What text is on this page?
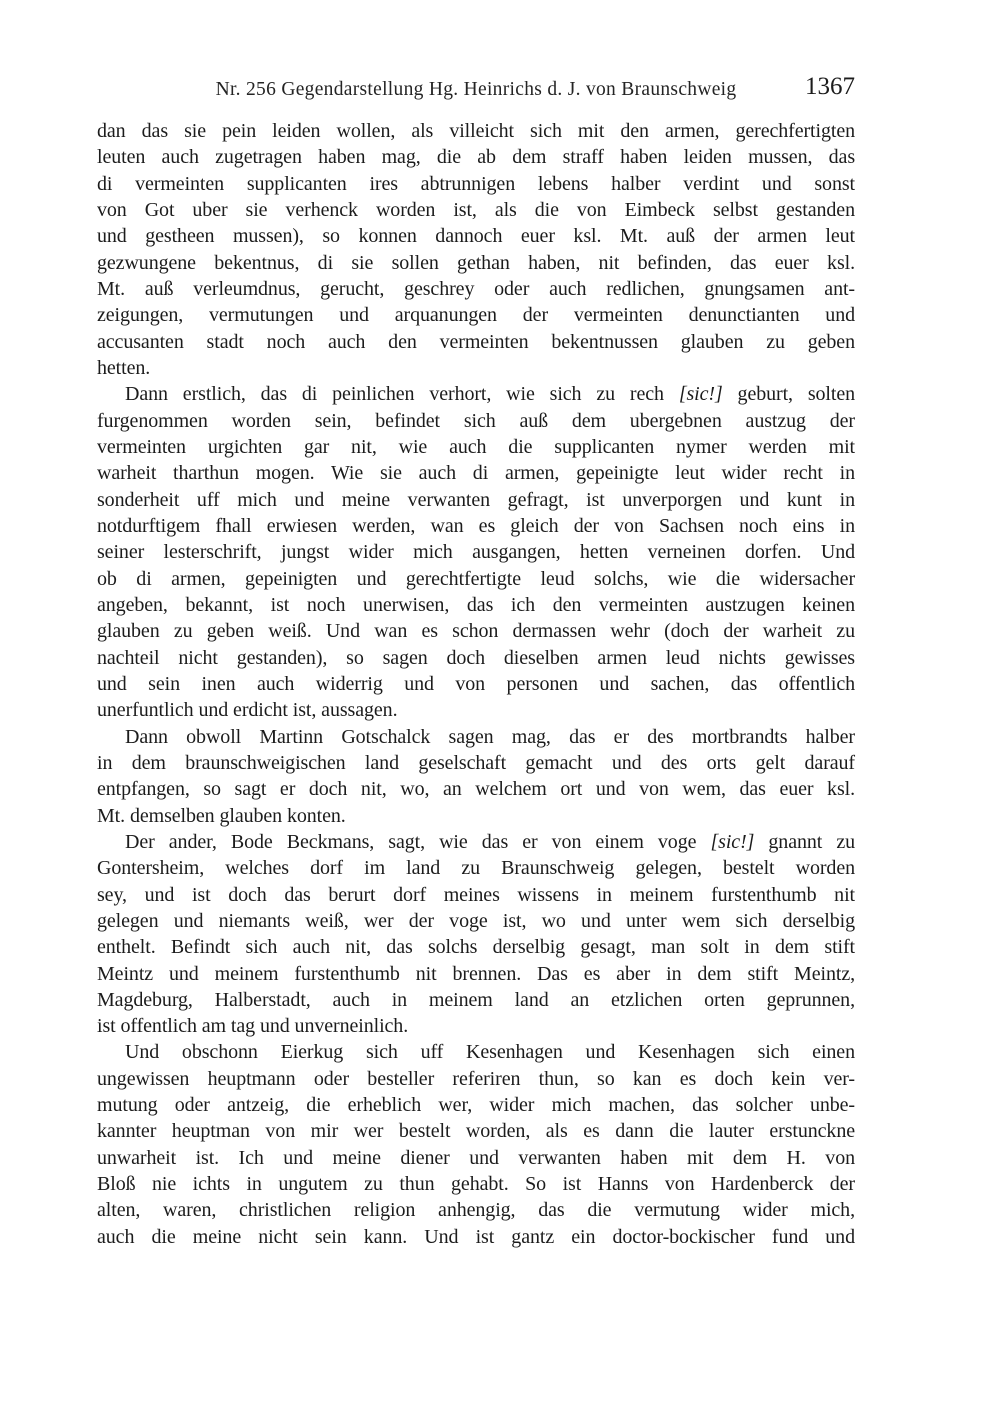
Nr. 256 Gegendarstellung Hg. Heinrichs d. J. von Braunschweig	1367
dan das sie pein leiden wollen, als villeicht sich mit den armen, gerechfertigten
leuten auch zugetragen haben mag, die ab dem straff haben leiden mussen, das
di vermeinten supplicanten ires abtrunnigen lebens halber verdint und sonst
von Got uber sie verhenck worden ist, als die von Eimbeck selbst gestanden
und gestheen mussen), so konnen dannoch euer ksl. Mt. auß der armen leut
gezwungene bekentnus, di sie sollen gethan haben, nit befinden, das euer ksl.
Mt. auß verleumdnus, gerucht, geschrey oder auch redlichen, gnungsamen ant-
zeigungen, vermutungen und arquanungen der vermeinten denunctianten und
accusanten stadt noch auch den vermeinten bekentnussen glauben zu geben
hetten.
Dann erstlich, das di peinlichen verhort, wie sich zu rech [sic!] geburt, solten
furgenommen worden sein, befindet sich auß dem ubergebnen austzug der
vermeinten urgichten gar nit, wie auch die supplicanten nymer werden mit
warheit tharthun mogen. Wie sie auch di armen, gepeinigte leut wider recht in
sonderheit uff mich und meine verwanten gefragt, ist unverporgen und kunt in
notdurftigem fhall erwiesen werden, wan es gleich der von Sachsen noch eins in
seiner lesterschrift, jungst wider mich ausgangen, hetten verneinen dorfen. Und
ob di armen, gepeinigten und gerechtfertigte leud solchs, wie die widersacher
angeben, bekannt, ist noch unerwisen, das ich den vermeinten austzugen keinen
glauben zu geben weiß. Und wan es schon dermassen wehr (doch der warheit zu
nachteil nicht gestanden), so sagen doch dieselben armen leud nichts gewisses
und sein inen auch widerrig und von personen und sachen, das offentlich
unerfuntlich und erdicht ist, aussagen.
Dann obwoll Martinn Gotschalck sagen mag, das er des mortbrandts halber
in dem braunschweigischen land geselschaft gemacht und des orts gelt darauf
entpfangen, so sagt er doch nit, wo, an welchem ort und von wem, das euer ksl.
Mt. demselben glauben konten.
Der ander, Bode Beckmans, sagt, wie das er von einem voge [sic!] gnannt zu
Gontersheim, welches dorf im land zu Braunschweig gelegen, bestelt worden
sey, und ist doch das berurt dorf meines wissens in meinem furstenthumb nit
gelegen und niemants weiß, wer der voge ist, wo und unter wem sich derselbig
enthelt. Befindt sich auch nit, das solchs derselbig gesagt, man solt in dem stift
Meintz und meinem furstenthumb nit brennen. Das es aber in dem stift Meintz,
Magdeburg, Halberstadt, auch in meinem land an etzlichen orten geprunnen,
ist offentlich am tag und unverneinlich.
Und obschonn Eierkug sich uff Kesenhagen und Kesenhagen sich einen
ungewissen heuptmann oder besteller referiren thun, so kan es doch kein ver-
mutung oder antzeig, die erheblich wer, wider mich machen, das solcher unbe-
kannter heuptman von mir wer bestelt worden, als es dann die lauter erstunckne
unwarheit ist. Ich und meine diener und verwanten haben mit dem H. von
Bloß nie ichts in ungutem zu thun gehabt. So ist Hanns von Hardenberck der
alten, waren, christlichen religion anhengig, das die vermutung wider mich,
auch die meine nicht sein kann. Und ist gantz ein doctor-bockischer fund und
